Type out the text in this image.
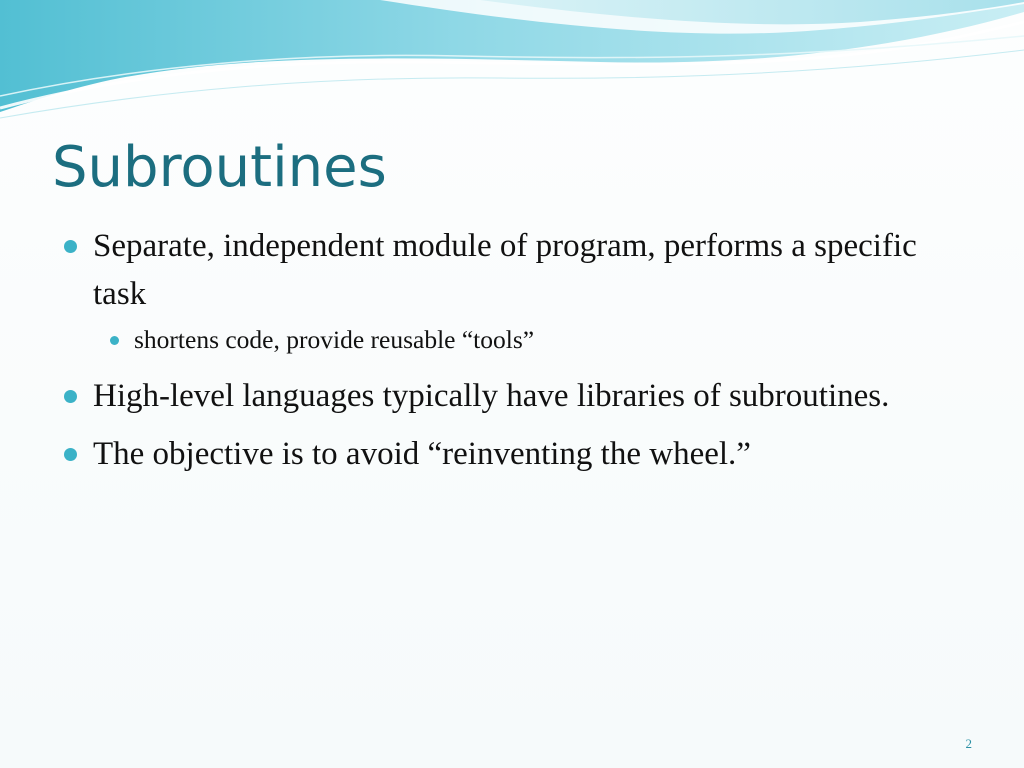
Subroutines
Separate, independent module of program, performs a specific task
shortens code, provide reusable “tools”
High-level languages typically have libraries of subroutines.
The objective is to avoid “reinventing the wheel.”
2
